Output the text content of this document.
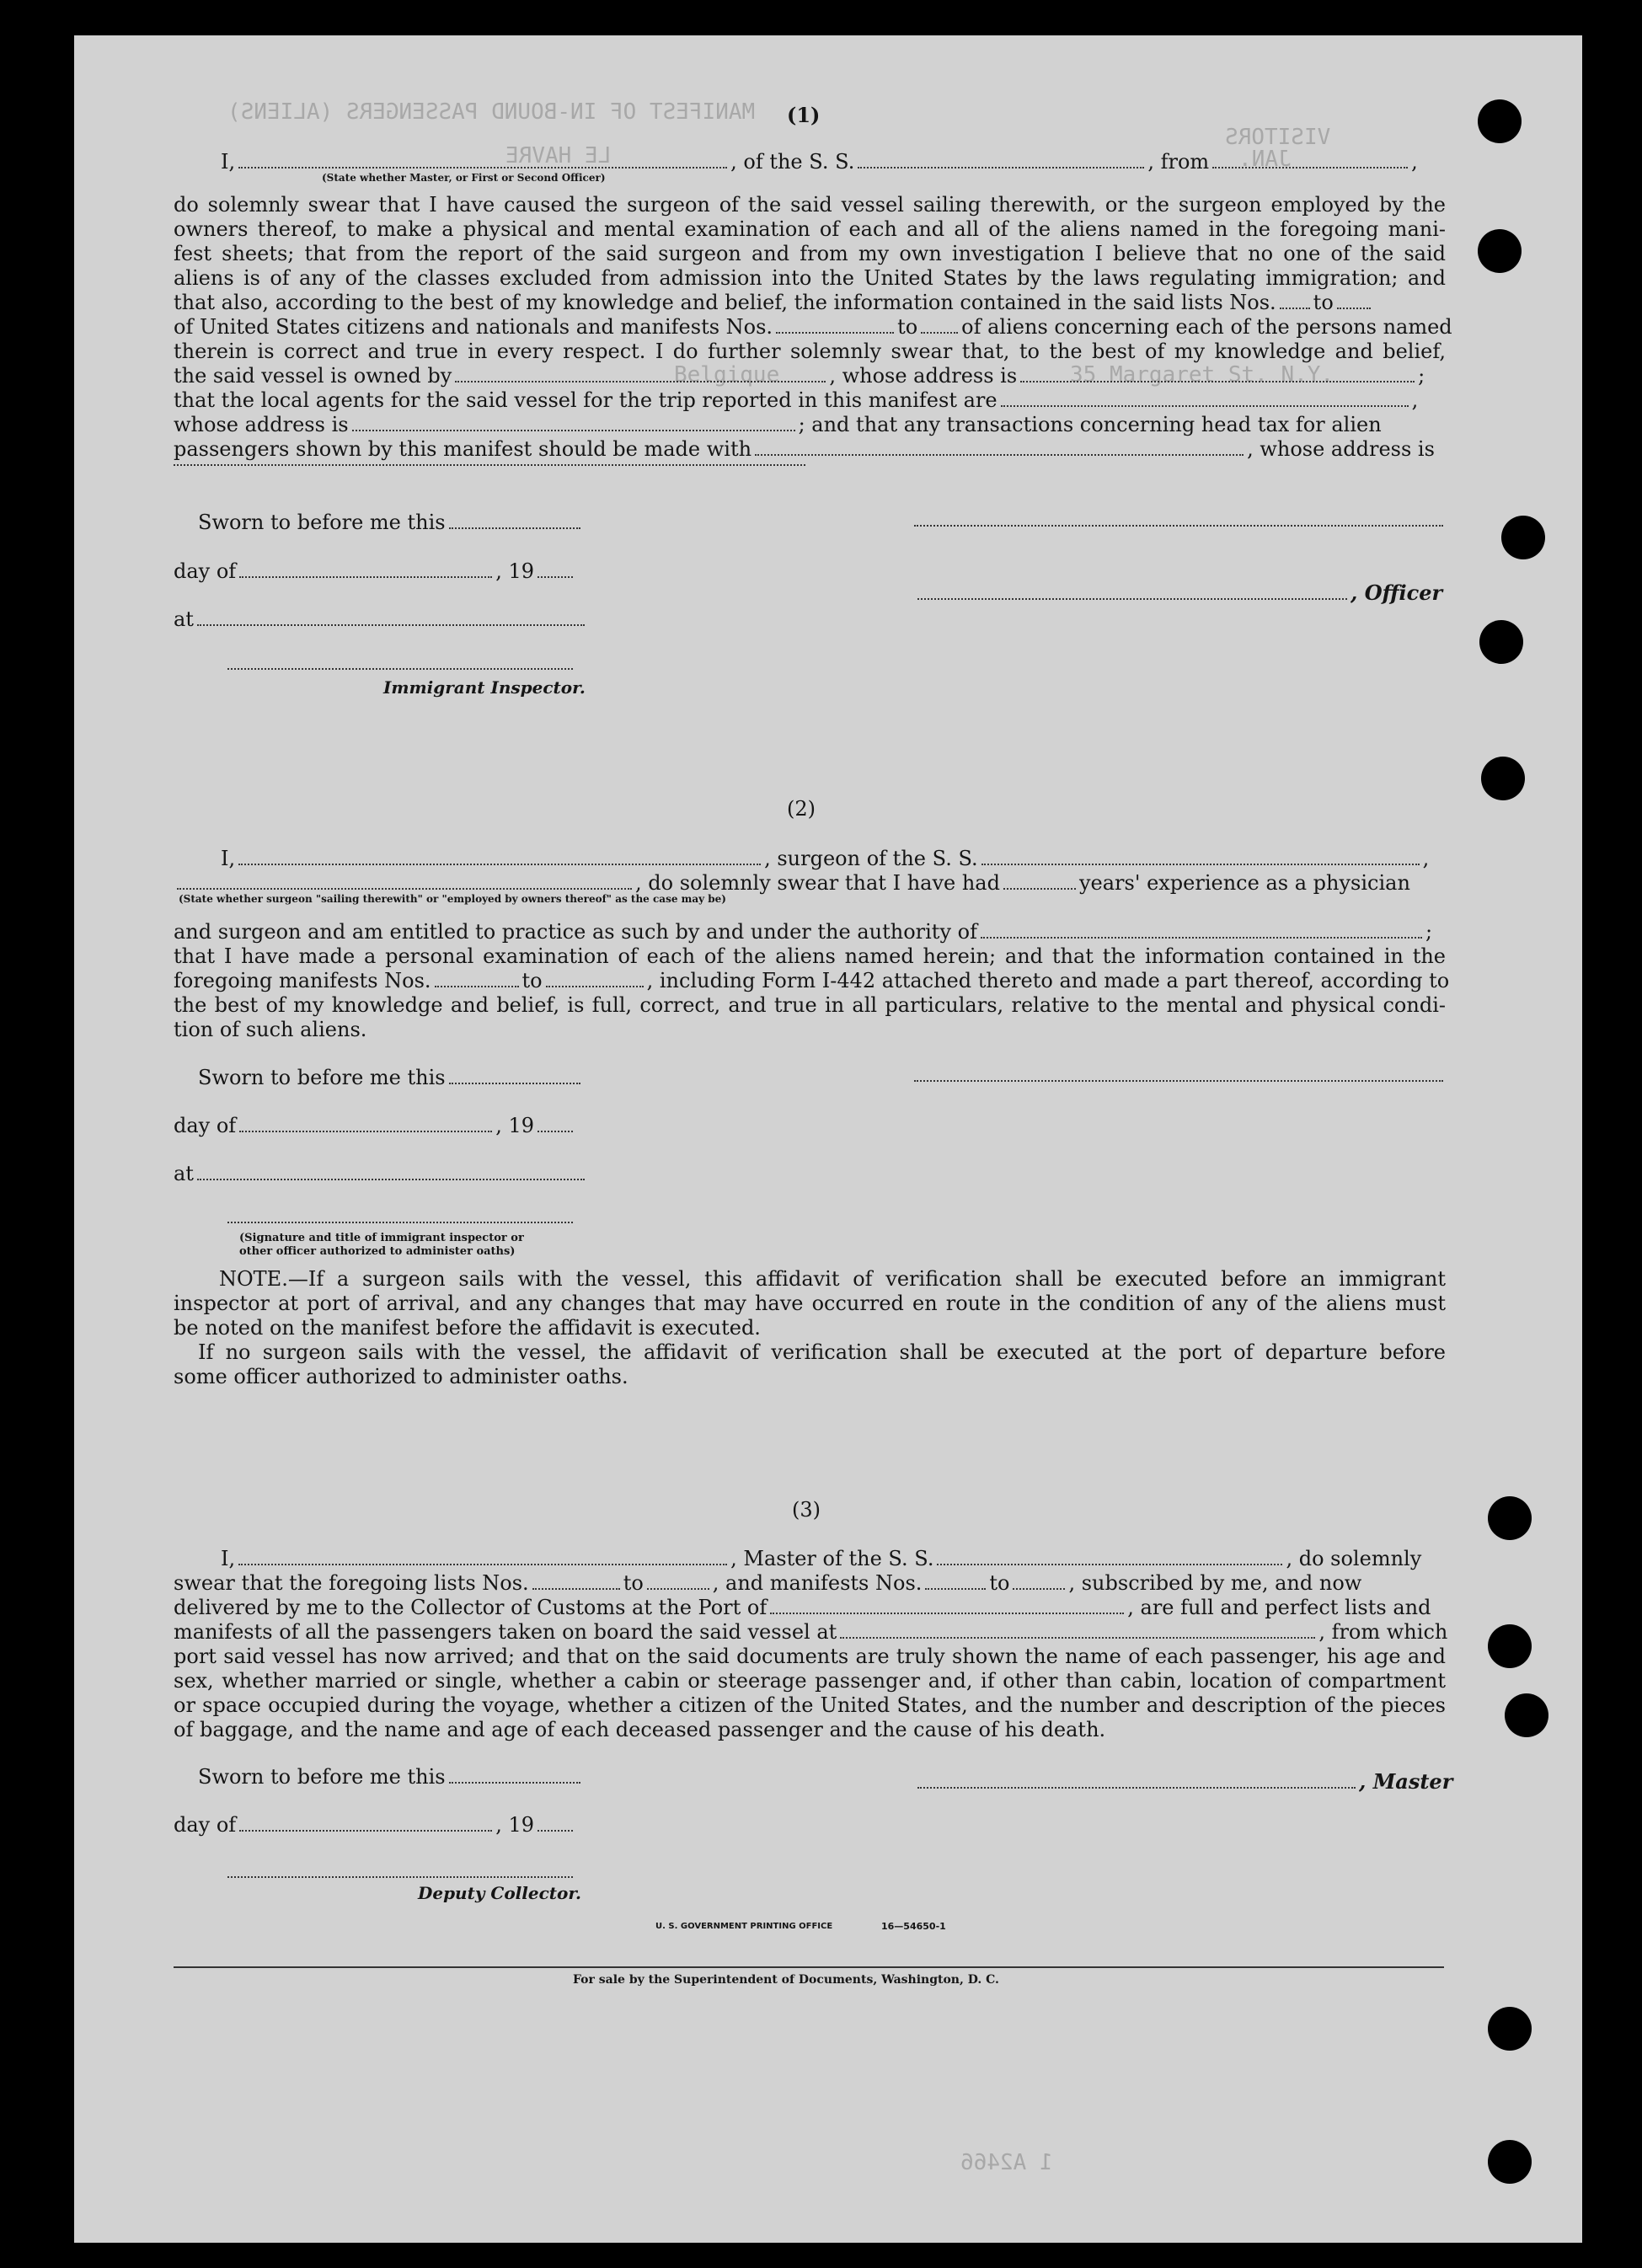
MANIFEST OF IN-BOUND PASSENGERS (ALIENS)
VISITORS
LE HAVRE	JAN.
Belgique	35 Margaret St. N.Y.
1 A2466
(1)
I,	, of the S. S.	, from	,
(State whether Master, or First or Second Officer)
do solemnly swear that I have caused the surgeon of the said vessel sailing therewith, or the surgeon employed by the
owners thereof, to make a physical and mental examination of each and all of the aliens named in the foregoing mani-
fest sheets; that from the report of the said surgeon and from my own investigation I believe that no one of the said
aliens is of any of the classes excluded from admission into the United States by the laws regulating immigration; and
that also, according to the best of my knowledge and belief, the information contained in the said lists Nos. to
of United States citizens and nationals and manifests Nos.	to of aliens concerning each of the persons named
therein is correct and true in every respect. I do further solemnly swear that, to the best of my knowledge and belief,
the said vessel is owned by	, whose address is	;
that the local agents for the said vessel for the trip reported in this manifest are	,
whose address is	; and that any transactions concerning head tax for alien
passengers shown by this manifest should be made with	, whose address is
Sworn to before me this
day of	, 19
at
Immigrant Inspector.
, Officer
(2)
I,	, surgeon of the S. S.	,
, do solemnly swear that I have had	years' experience as a physician
(State whether surgeon "sailing therewith" or "employed by owners thereof" as the case may be)
and surgeon and am entitled to practice as such by and under the authority of	;
that I have made a personal examination of each of the aliens named herein; and that the information contained in the
foregoing manifests Nos.	to	, including Form I-442 attached thereto and made a part thereof, according to
the best of my knowledge and belief, is full, correct, and true in all particulars, relative to the mental and physical condi-
tion of such aliens.
Sworn to before me this
day of	, 19
at
(Signature and title of immigrant inspector or
other officer authorized to administer oaths)
NOTE.—If a surgeon sails with the vessel, this affidavit of verification shall be executed before an immigrant
inspector at port of arrival, and any changes that may have occurred en route in the condition of any of the aliens must
be noted on the manifest before the affidavit is executed.
If no surgeon sails with the vessel, the affidavit of verification shall be executed at the port of departure before
some officer authorized to administer oaths.
(3)
I,	, Master of the S. S.	, do solemnly
swear that the foregoing lists Nos.	to	, and manifests Nos.	to	, subscribed by me, and now
delivered by me to the Collector of Customs at the Port of	, are full and perfect lists and
manifests of all the passengers taken on board the said vessel at	, from which
port said vessel has now arrived; and that on the said documents are truly shown the name of each passenger, his age and
sex, whether married or single, whether a cabin or steerage passenger and, if other than cabin, location of compartment
or space occupied during the voyage, whether a citizen of the United States, and the number and description of the pieces
of baggage, and the name and age of each deceased passenger and the cause of his death.
Sworn to before me this
day of	, 19
Deputy Collector.
, Master
U. S. GOVERNMENT PRINTING OFFICE	16—54650-1
For sale by the Superintendent of Documents, Washington, D. C.
